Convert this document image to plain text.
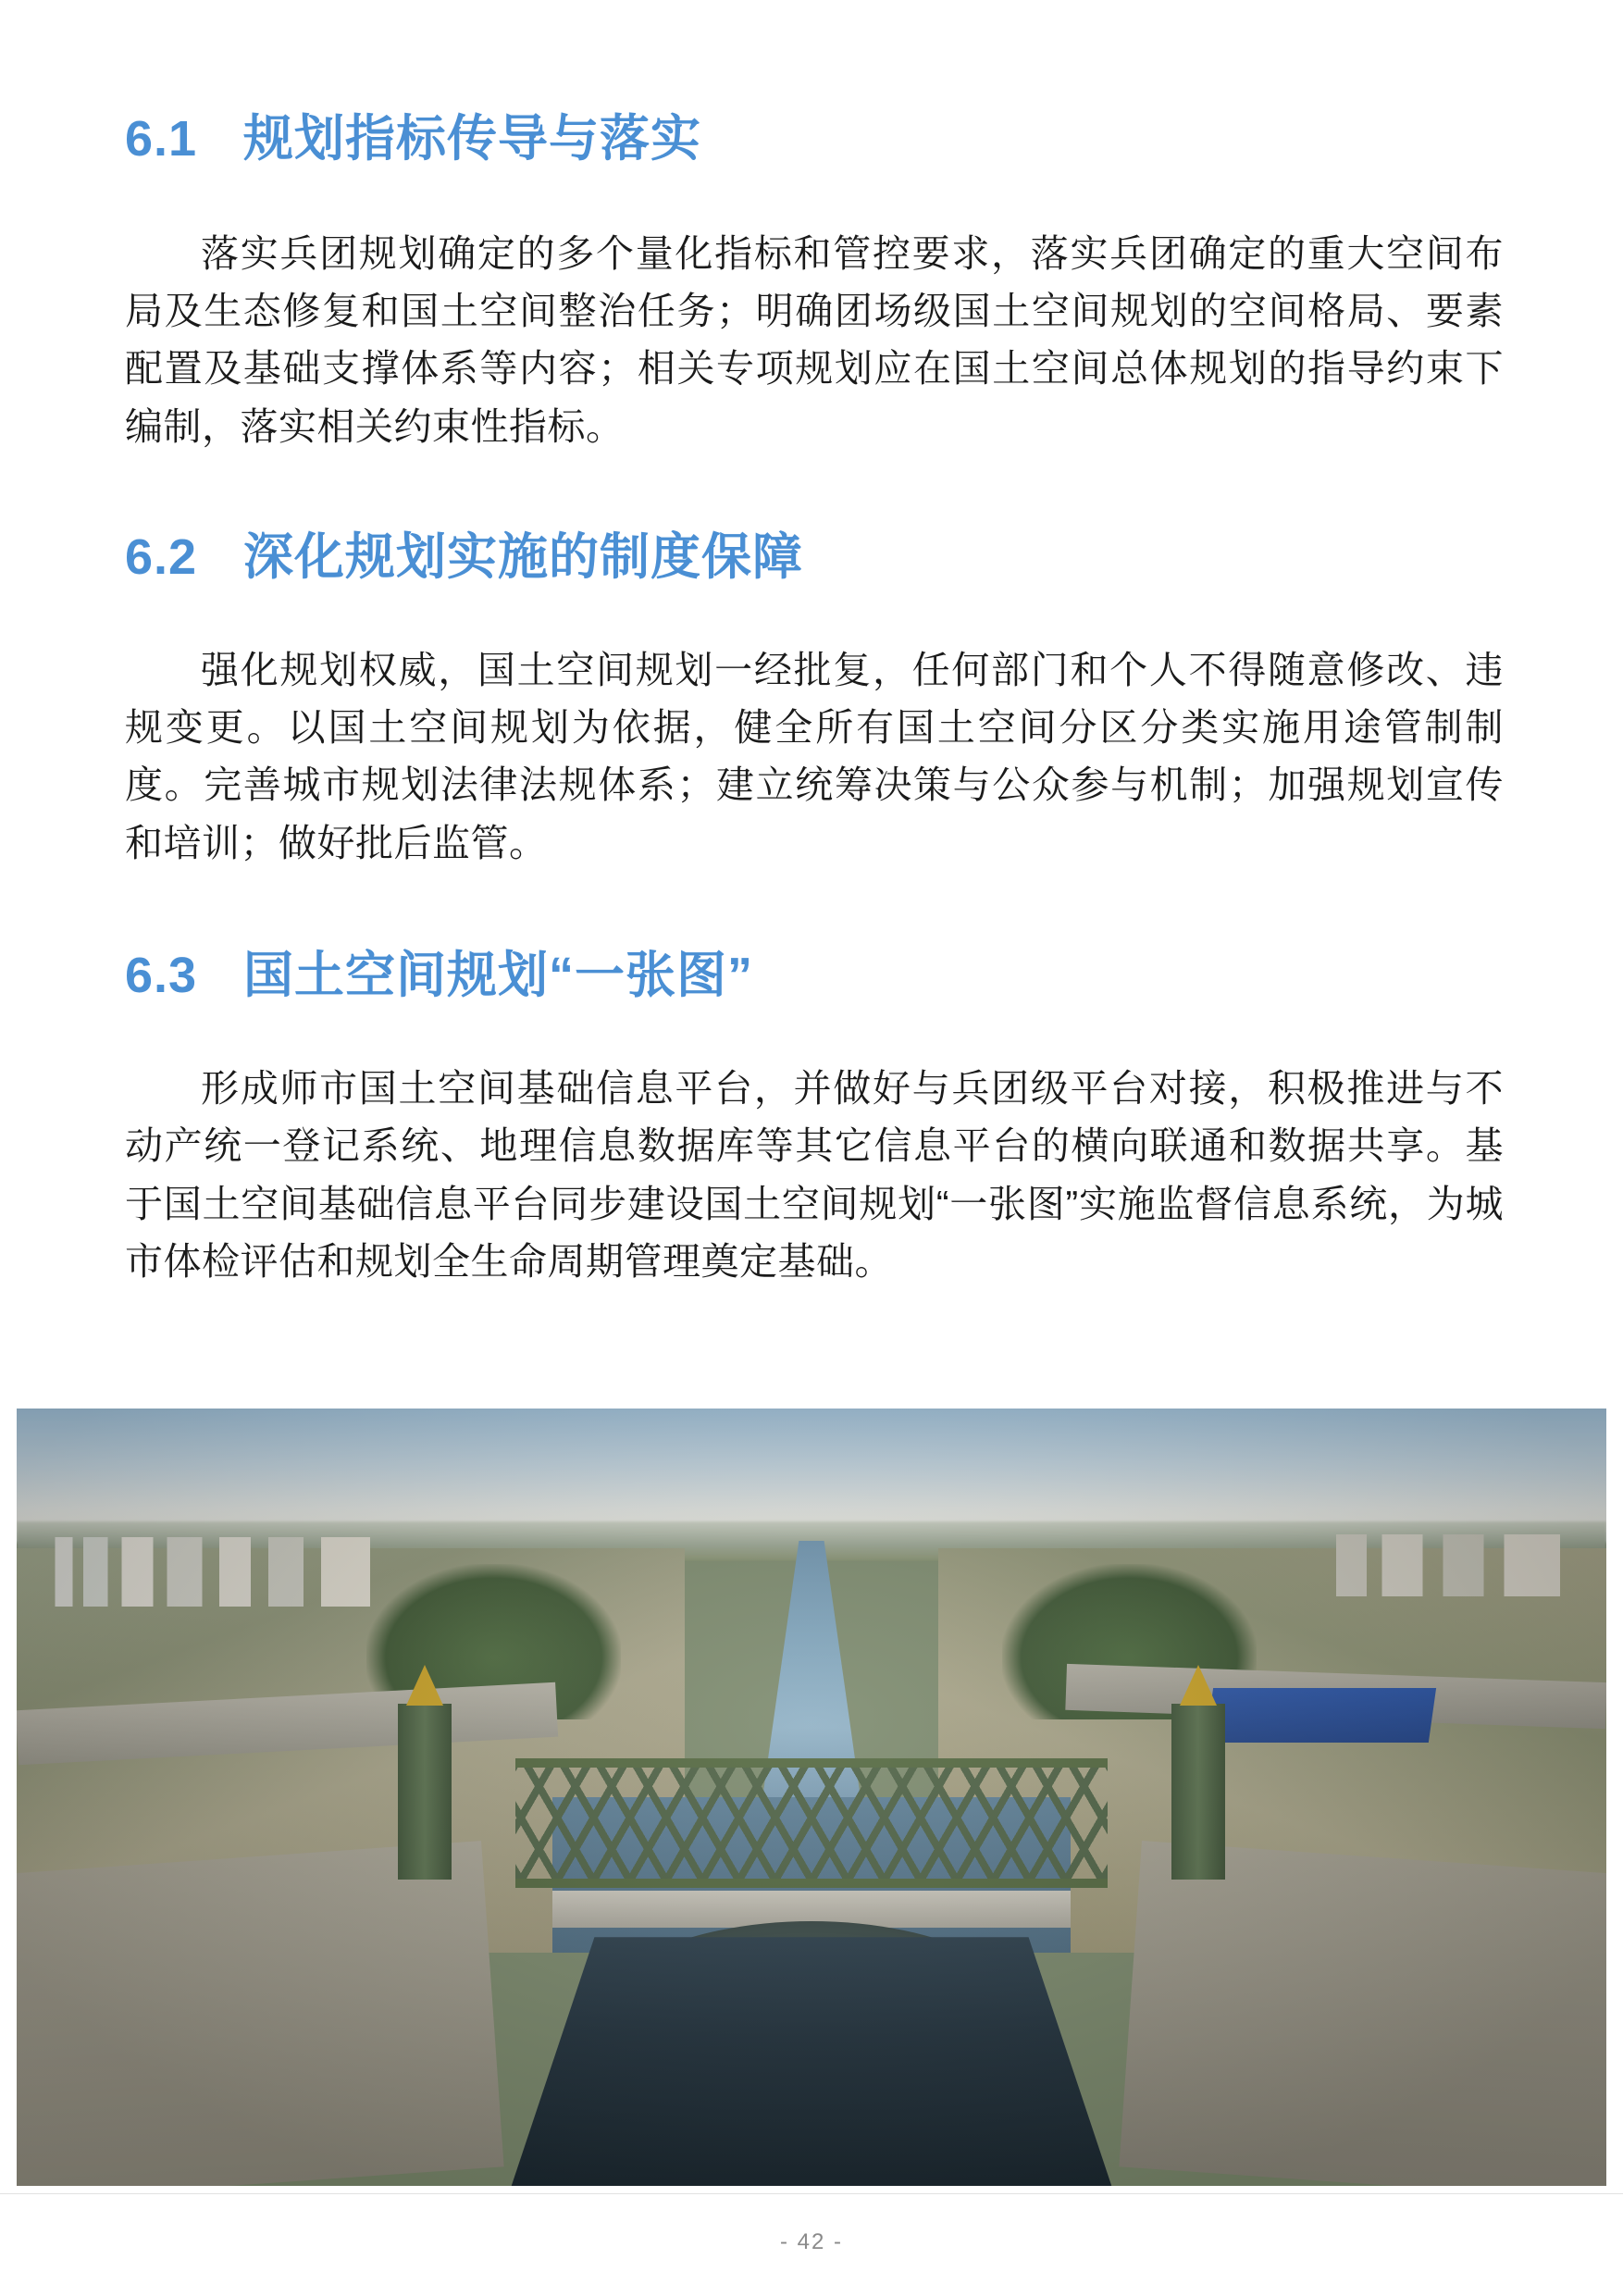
6.1 规划指标传导与落实

落实兵团规划确定的多个量化指标和管控要求，落实兵团确定的重大空间布局及生态修复和国土空间整治任务；明确团场级国土空间规划的空间格局、要素配置及基础支撑体系等内容；相关专项规划应在国土空间总体规划的指导约束下编制，落实相关约束性指标。

6.2 深化规划实施的制度保障

强化规划权威，国土空间规划一经批复，任何部门和个人不得随意修改、违规变更。以国土空间规划为依据，健全所有国土空间分区分类实施用途管制制度。完善城市规划法律法规体系；建立统筹决策与公众参与机制；加强规划宣传和培训；做好批后监管。

6.3 国土空间规划“一张图”

形成师市国土空间基础信息平台，并做好与兵团级平台对接，积极推进与不动产统一登记系统、地理信息数据库等其它信息平台的横向联通和数据共享。基于国土空间基础信息平台同步建设国土空间规划“一张图”实施监督信息系统，为城市体检评估和规划全生命周期管理奠定基础。

- 42 -
